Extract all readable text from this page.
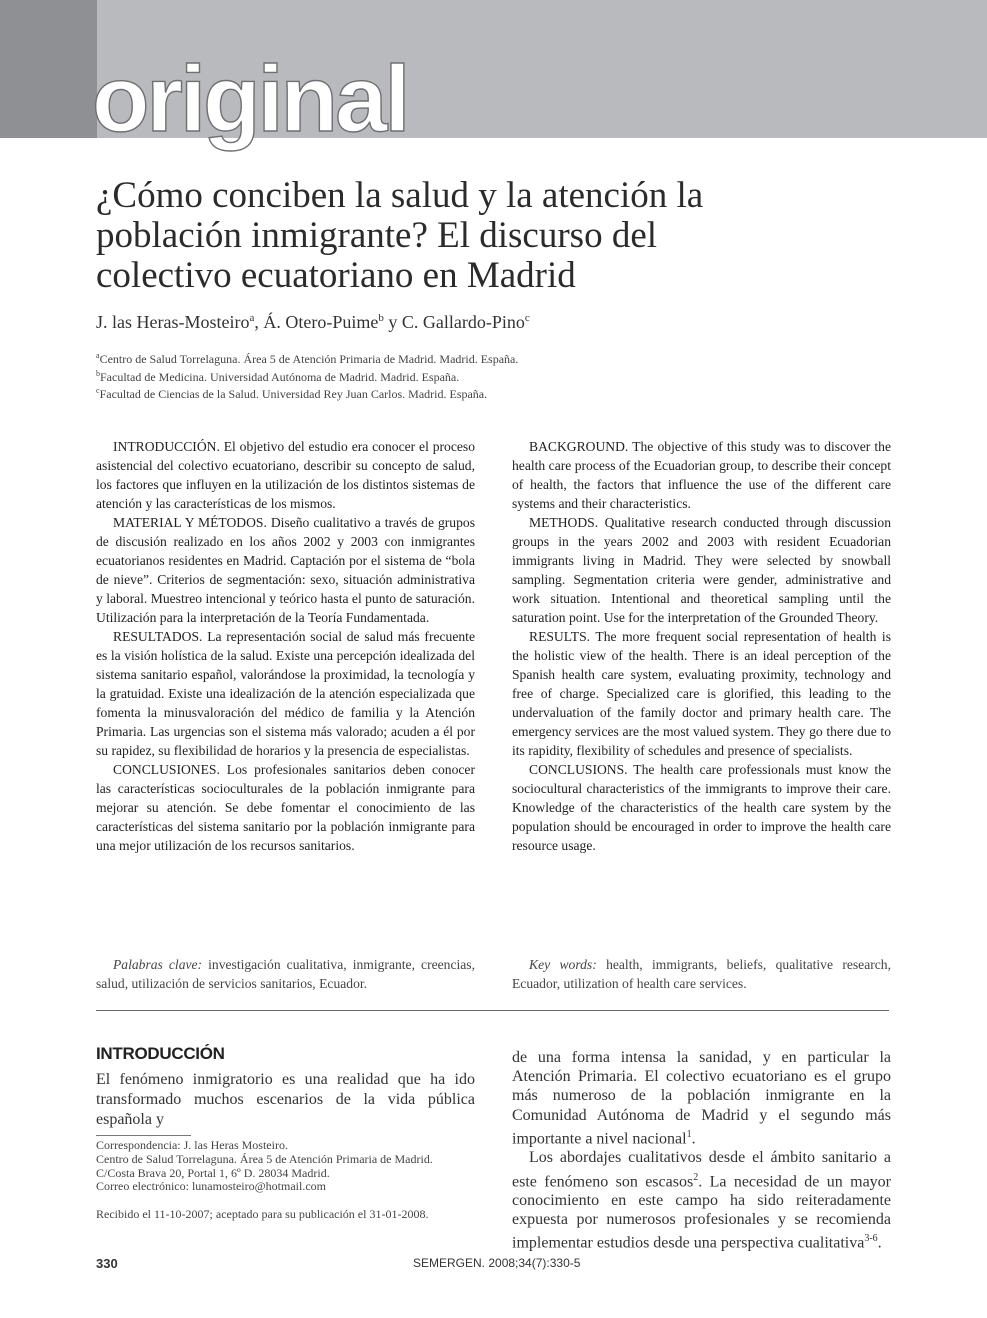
original
¿Cómo conciben la salud y la atención la población inmigrante? El discurso del colectivo ecuatoriano en Madrid
J. las Heras-Mosteiro$^a$, Á. Otero-Puime$^b$ y C. Gallardo-Pino$^c$
$^a$Centro de Salud Torrelaguna. Área 5 de Atención Primaria de Madrid. Madrid. España.
$^b$Facultad de Medicina. Universidad Autónoma de Madrid. Madrid. España.
$^c$Facultad de Ciencias de la Salud. Universidad Rey Juan Carlos. Madrid. España.

INTRODUCCIÓN. El objetivo del estudio era conocer el proceso asistencial del colectivo ecuatoriano, describir su concepto de salud, los factores que influyen en la utilización de los distintos sistemas de atención y las características de los mismos.

MATERIAL Y MÉTODOS. Diseño cualitativo a través de grupos de discusión realizado en los años 2002 y 2003 con inmigrantes ecuatorianos residentes en Madrid. Captación por el sistema de “bola de nieve”. Criterios de segmentación: sexo, situación administrativa y laboral. Muestreo intencional y teórico hasta el punto de saturación. Utilización para la interpretación de la Teoría Fundamentada.

RESULTADOS. La representación social de salud más frecuente es la visión holística de la salud. Existe una percepción idealizada del sistema sanitario español, valorándose la proximidad, la tecnología y la gratuidad. Existe una idealización de la atención especializada que fomenta la minusvaloración del médico de familia y la Atención Primaria. Las urgencias son el sistema más valorado; acuden a él por su rapidez, su flexibilidad de horarios y la presencia de especialistas.

CONCLUSIONES. Los profesionales sanitarios deben conocer las características socioculturales de la población inmigrante para mejorar su atención. Se debe fomentar el conocimiento de las características del sistema sanitario por la población inmigrante para una mejor utilización de los recursos sanitarios.

BACKGROUND. The objective of this study was to discover the health care process of the Ecuadorian group, to describe their concept of health, the factors that influence the use of the different care systems and their characteristics.

METHODS. Qualitative research conducted through discussion groups in the years 2002 and 2003 with resident Ecuadorian immigrants living in Madrid. They were selected by snowball sampling. Segmentation criteria were gender, administrative and work situation. Intentional and theoretical sampling until the saturation point. Use for the interpretation of the Grounded Theory.

RESULTS. The more frequent social representation of health is the holistic view of the health. There is an ideal perception of the Spanish health care system, evaluating proximity, technology and free of charge. Specialized care is glorified, this leading to the undervaluation of the family doctor and primary health care. The emergency services are the most valued system. They go there due to its rapidity, flexibility of schedules and presence of specialists.

CONCLUSIONS. The health care professionals must know the sociocultural characteristics of the immigrants to improve their care. Knowledge of the characteristics of the health care system by the population should be encouraged in order to improve the health care resource usage.

Palabras clave: investigación cualitativa, inmigrante, creencias, salud, utilización de servicios sanitarios, Ecuador.

Key words: health, immigrants, beliefs, qualitative research, Ecuador, utilization of health care services.

INTRODUCCIÓN

El fenómeno inmigratorio es una realidad que ha ido transformado muchos escenarios de la vida pública española y

de una forma intensa la sanidad, y en particular la Atención Primaria. El colectivo ecuatoriano es el grupo más numeroso de la población inmigrante en la Comunidad Autónoma de Madrid y el segundo más importante a nivel nacional$^1$.

Los abordajes cualitativos desde el ámbito sanitario a este fenómeno son escasos$^2$. La necesidad de un mayor conocimiento en este campo ha sido reiteradamente expuesta por numerosos profesionales y se recomienda implementar estudios desde una perspectiva cualitativa$^{3-6}$.

Correspondencia: J. las Heras Mosteiro.
Centro de Salud Torrelaguna. Área 5 de Atención Primaria de Madrid.
C/Costa Brava 20, Portal 1, 6º D. 28034 Madrid.
Correo electrónico: lunamosteiro@hotmail.com
Recibido el 11-10-2007; aceptado para su publicación el 31-01-2008.
330	SEMERGEN. 2008;34(7):330-5
